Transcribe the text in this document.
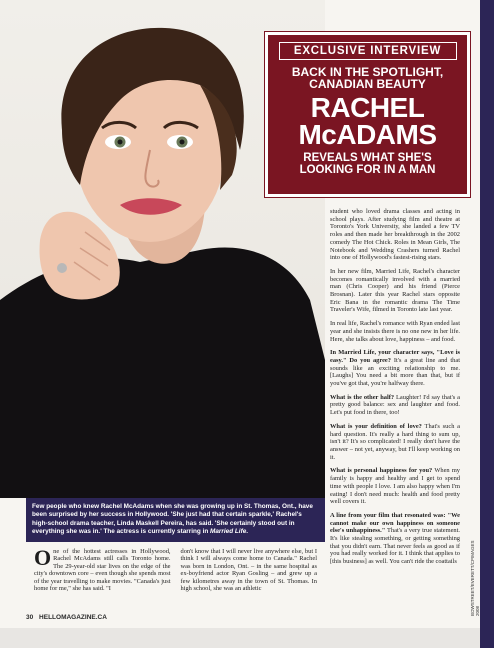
EXCLUSIVE INTERVIEW
BACK IN THE SPOTLIGHT,
CANADIAN BEAUTY
RACHEL
McADAMS
REVEALS WHAT SHE'S
LOOKING FOR IN A MAN
Few people who knew Rachel McAdams when she was growing up in St. Thomas, Ont., have been surprised by her success in Hollywood. 'She just had that certain sparkle,' Rachel's high-school drama teacher, Linda Maskell Pereira, has said. 'She certainly stood out in everything she was in.' The actress is currently starring in Married Life.

One of the hottest actresses in Hollywood, Rachel McAdams still calls Toronto home. The 29-year-old star lives on the edge of the city's downtown core – even though she spends most of the year travelling to make movies. "Canada's just home for me," she has said. "I

don't know that I will never live anywhere else, but I think I will always come home to Canada." Rachel was born in London, Ont. – in the same hospital as ex-boyfriend actor Ryan Gosling – and grew up a few kilometres away in the town of St. Thomas. In high school, she was an athletic

student who loved drama classes and acting in school plays. After studying film and theatre at Toronto's York University, she landed a few TV roles and then made her breakthrough in the 2002 comedy The Hot Chick. Roles in Mean Girls, The Notebook and Wedding Crashers turned Rachel into one of Hollywood's fastest-rising stars.

In her new film, Married Life, Rachel's character becomes romantically involved with a married man (Chris Cooper) and his friend (Pierce Brosnan). Later this year Rachel stars opposite Eric Bana in the romantic drama The Time Traveler's Wife, filmed in Toronto late last year.

In real life, Rachel's romance with Ryan ended last year and she insists there is no one new in her life. Here, she talks about love, happiness – and food.

In Married Life, your character says, "Love is easy." Do you agree? It's a great line and that sounds like an exciting relationship to me. [Laughs] You need a bit more than that, but if you've got that, you're halfway there.

What is the other half? Laughter! I'd say that's a pretty good balance: sex and laughter and food. Let's put food in there, too!

What is your definition of love? That's such a hard question. It's really a hard thing to sum up, isn't it? It's so complicated! I really don't have the answer – not yet, anyway, but I'll keep working on it.

What is personal happiness for you? When my family is happy and healthy and I get to spend time with people I love. I am also happy when I'm eating! I don't need much: health and food pretty well covers it.

A line from your film that resonated was: "We cannot make our own happiness on someone else's unhappiness." That's a very true statement. It's like stealing something, or getting something that you didn't earn. That never feels as good as if you had really worked for it. I think that applies to [this business] as well. You can't ride the coattails	BOWSTREET/EVERETT/CPIMAGES 2008
30 HELLOMAGAZINE.CA
